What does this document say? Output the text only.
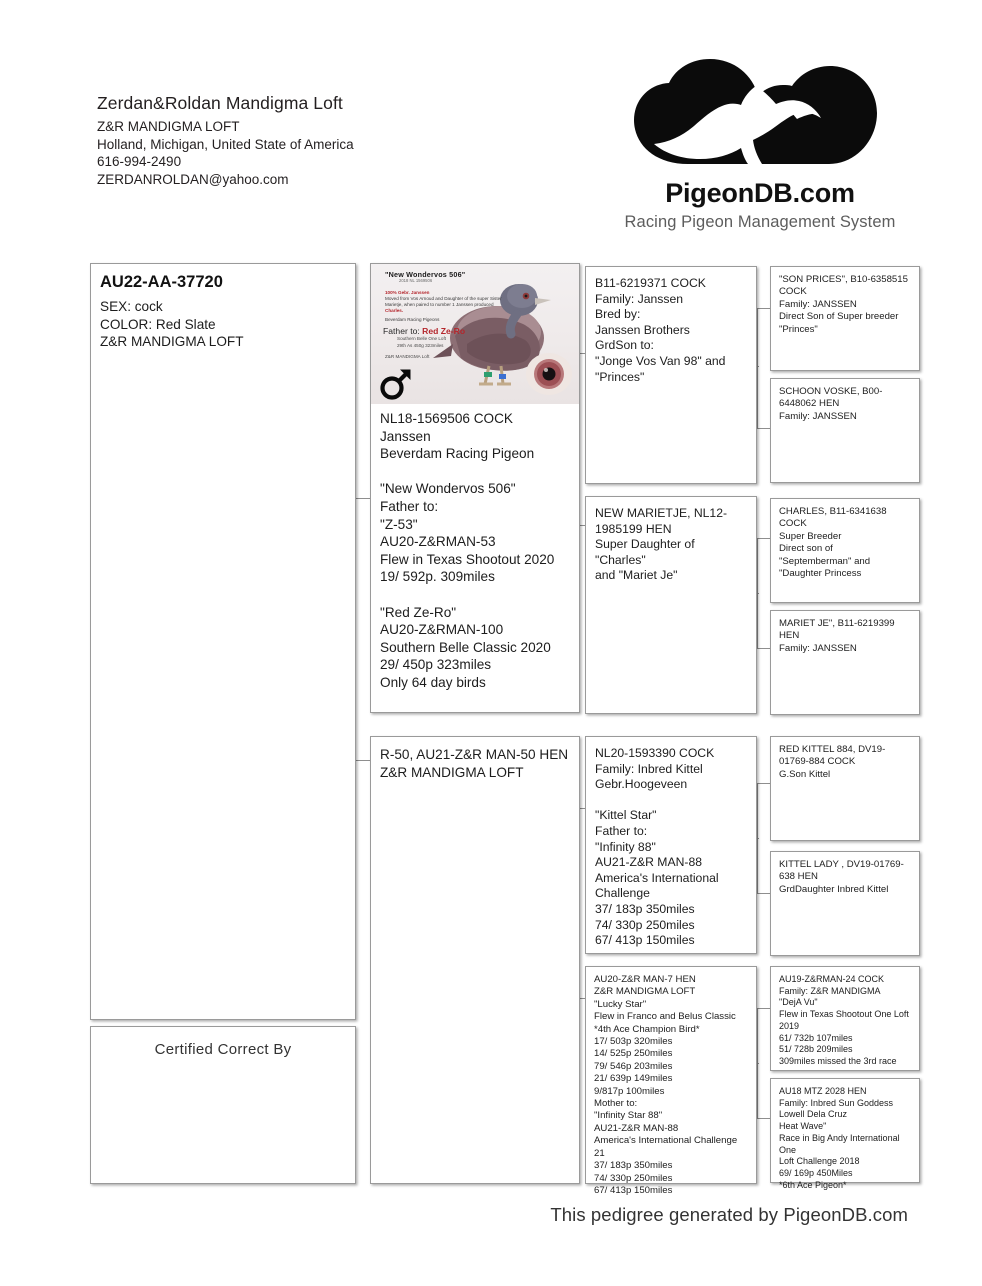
Zerdan&Roldan Mandigma Loft
Z&R MANDIGMA LOFT
Holland, Michigan, United State of America
616-994-2490
ZERDANROLDAN@yahoo.com	PigeonDB.com
Racing Pigeon Management System
AU22-AA-37720
SEX: cock
COLOR: Red Slate
Z&R MANDIGMA LOFT
Certified Correct By
"New Wondervos 506"
2018 NL 1569506
100% Gebr. Janssen
Moved from Vos Arnoud and Daughter of the super Sister
Marietje, when paired to number 1 Janssen produced
Charles.
Beverdam Racing Pigeons
Father to: Red Ze-Ro
Southern Belle One Loft
29th As 450g 323miles
Z&R MANDIGMA Loft
NL18-1569506 COCK
Janssen
Beverdam Racing Pigeon
"New Wondervos 506"
Father to:
"Z-53"
AU20-Z&RMAN-53
Flew in Texas Shootout 2020
19/ 592p. 309miles
"Red Ze-Ro"
AU20-Z&RMAN-100
Southern Belle Classic 2020
29/ 450p 323miles
Only 64 day birds
R-50, AU21-Z&R MAN-50 HEN
Z&R MANDIGMA LOFT
B11-6219371 COCK
Family: Janssen
Bred by:
Janssen Brothers
GrdSon to:
"Jonge Vos Van 98" and
"Princes"
NEW MARIETJE, NL12-
1985199 HEN
Super Daughter of "Charles"
and "Mariet Je"
NL20-1593390 COCK
Family: Inbred Kittel
Gebr.Hoogeveen
"Kittel Star"
Father to:
"Infinity 88"
AU21-Z&R MAN-88
America's International
Challenge
37/ 183p 350miles
74/ 330p 250miles
67/ 413p 150miles
AU20-Z&R MAN-7 HEN
Z&R MANDIGMA LOFT
"Lucky Star"
Flew in Franco and Belus Classic
*4th Ace Champion Bird*
17/ 503p 320miles
14/ 525p 250miles
79/ 546p 203miles
21/ 639p 149miles
9/817p 100miles
Mother to:
"Infinity Star 88"
AU21-Z&R MAN-88
America's International Challenge 21
37/ 183p 350miles
74/ 330p 250miles
67/ 413p 150miles
"SON PRICES", B10-6358515
COCK
Family: JANSSEN
Direct Son of Super breeder
"Princes"
SCHOON VOSKE, B00-
6448062 HEN
Family: JANSSEN
CHARLES, B11-6341638
COCK
Super Breeder
Direct son of
"Septemberman" and
"Daughter Princess
MARIET JE", B11-6219399
HEN
Family: JANSSEN
RED KITTEL 884, DV19-
01769-884 COCK
G.Son Kittel
KITTEL LADY , DV19-01769-
638 HEN
GrdDaughter Inbred Kittel
AU19-Z&RMAN-24 COCK
Family: Z&R MANDIGMA
"DejA Vu"
Flew in Texas Shootout One Loft
2019
61/ 732b 107miles
51/ 728b 209miles
309miles missed the 3rd race
AU18 MTZ 2028 HEN
Family: Inbred Sun Goddess
Lowell Dela Cruz
Heat Wave"
Race in Big Andy International One
Loft Challenge 2018
69/ 169p 450Miles
*6th Ace Pigeon*
This pedigree generated by PigeonDB.com
